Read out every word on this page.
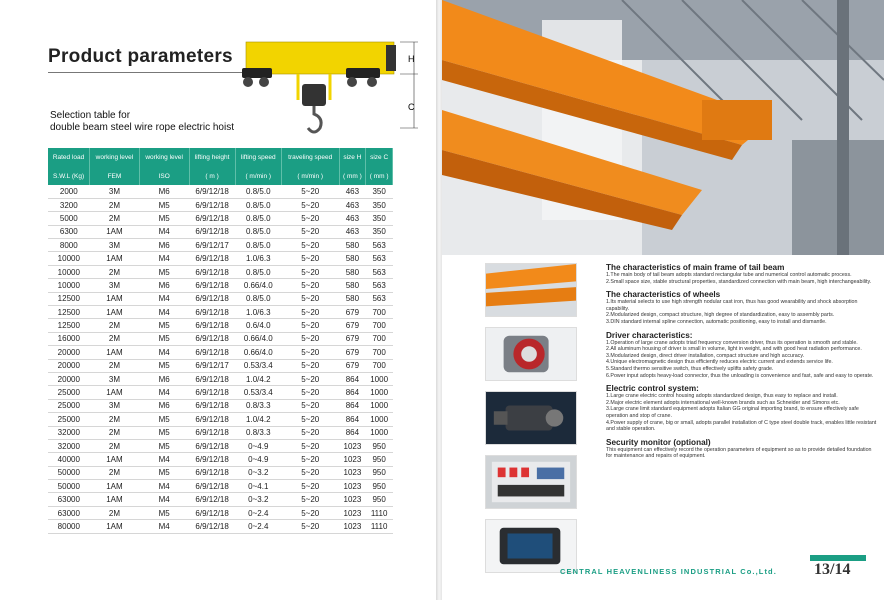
Product parameters	H
C
Selection table for
double beam steel wire rope electric hoist
Rated load	working level	working level	lifting height	lifting speed	traveling speed	size H	size C
S.W.L (Kg)	FEM	ISO	( m )	( m/min )	( m/min )	( mm )	( mm )
2000	3M	M6	6/9/12/18	0.8/5.0	5~20	463	350
3200	2M	M5	6/9/12/18	0.8/5.0	5~20	463	350
5000	2M	M5	6/9/12/18	0.8/5.0	5~20	463	350
6300	1AM	M4	6/9/12/18	0.8/5.0	5~20	463	350
8000	3M	M6	6/9/12/17	0.8/5.0	5~20	580	563
10000	1AM	M4	6/9/12/18	1.0/6.3	5~20	580	563
10000	2M	M5	6/9/12/18	0.8/5.0	5~20	580	563
10000	3M	M6	6/9/12/18	0.66/4.0	5~20	580	563
12500	1AM	M4	6/9/12/18	0.8/5.0	5~20	580	563
12500	1AM	M4	6/9/12/18	1.0/6.3	5~20	679	700
12500	2M	M5	6/9/12/18	0.6/4.0	5~20	679	700
16000	2M	M5	6/9/12/18	0.66/4.0	5~20	679	700
20000	1AM	M4	6/9/12/18	0.66/4.0	5~20	679	700
20000	2M	M5	6/9/12/17	0.53/3.4	5~20	679	700
20000	3M	M6	6/9/12/18	1.0/4.2	5~20	864	1000
25000	1AM	M4	6/9/12/18	0.53/3.4	5~20	864	1000
25000	3M	M6	6/9/12/18	0.8/3.3	5~20	864	1000
25000	2M	M5	6/9/12/18	1.0/4.2	5~20	864	1000
32000	2M	M5	6/9/12/18	0.8/3.3	5~20	864	1000
32000	2M	M5	6/9/12/18	0~4.9	5~20	1023	950
40000	1AM	M4	6/9/12/18	0~4.9	5~20	1023	950
50000	2M	M5	6/9/12/18	0~3.2	5~20	1023	950
50000	1AM	M4	6/9/12/18	0~4.1	5~20	1023	950
63000	1AM	M4	6/9/12/18	0~3.2	5~20	1023	950
63000	2M	M5	6/9/12/18	0~2.4	5~20	1023	1110
80000	1AM	M4	6/9/12/18	0~2.4	5~20	1023	1110

The characteristics of main frame of tail beam
1.The main body of tail beam adopts standard rectangular tube and numerical control automatic process.
2.Small space size, stable structural properties, standardized connection with main beam, high interchangeability.
The characteristics of wheels
1.Its material selects to use high strength nodular cast iron, thus has good wearability and shock absorption capability.
2.Modularized design, compact structure, high degree of standardization, easy to assembly parts.
3.DIN standard internal spline connection, automatic positioning, easy to install and dismantle.
Driver characteristics:
1.Operation of large crane adopts triad frequency conversion driver, thus its operation is smooth and stable.
2.All aluminum housing of driver is small in volume, light in weight, and with good heat radiation performance.
3.Modularized design, direct driver installation, compact structure and high accuracy.
4.Unique electromagnetic design thus efficiently reduces electric current and extends service life.
5.Standard thermo sensitive switch, thus effectively uplifts safety grade.
6.Power input adopts heavy-load connector, thus the unloading is convenience and fast, safe and easy to operate.
Electric control system:
1.Large crane electric control housing adopts standardized design, thus easy to replace and install.
2.Major electric element adopts international well-known brands such as Schneider and Simons etc.
3.Large crane limit standard equipment adopts Italian GG original importing brand, to ensure effectively safe operation and stop of crane.
4.Power supply of crane, big or small, adopts parallel installation of C type steel double track, enables little resistant and stable operation.
Security monitor (optional)
This equipment can effectively record the operation parameters of equipment so as to provide detailed foundation for maintenance and repairs of equipment.
CENTRAL HEAVENLINESS INDUSTRIAL Co.,Ltd. 13/14
